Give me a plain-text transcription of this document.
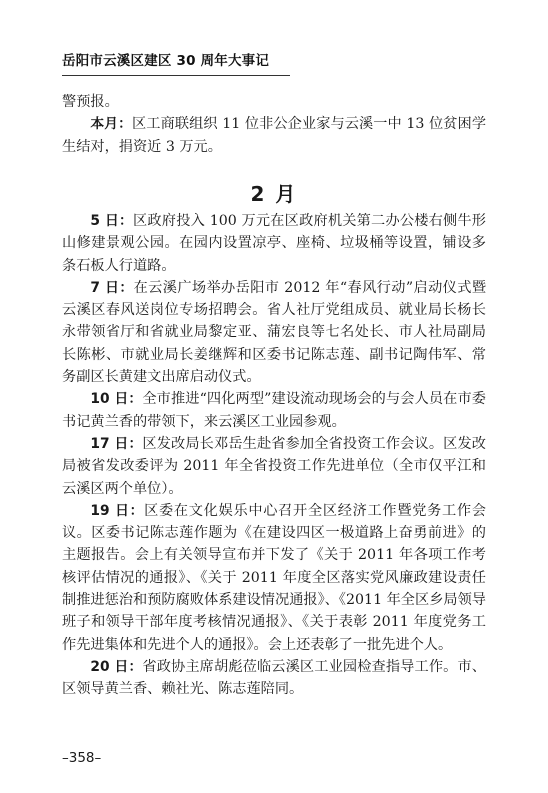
岳阳市云溪区建区 30 周年大事记

警预报。

本月：区工商联组织 11 位非公企业家与云溪一中 13 位贫困学生结对，捐资近 3 万元。

2 月

5 日：区政府投入 100 万元在区政府机关第二办公楼右侧牛形山修建景观公园。在园内设置凉亭、座椅、垃圾桶等设置，铺设多条石板人行道路。

7 日：在云溪广场举办岳阳市 2012 年“春风行动”启动仪式暨云溪区春风送岗位专场招聘会。省人社厅党组成员、就业局长杨长永带领省厅和省就业局黎定亚、蒲宏良等七名处长、市人社局副局长陈彬、市就业局长姜继辉和区委书记陈志莲、副书记陶伟军、常务副区长黄建文出席启动仪式。

10 日：全市推进“四化两型”建设流动现场会的与会人员在市委书记黄兰香的带领下，来云溪区工业园参观。

17 日：区发改局长邓岳生赴省参加全省投资工作会议。区发改局被省发改委评为 2011 年全省投资工作先进单位（全市仅平江和云溪区两个单位）。

19 日：区委在文化娱乐中心召开全区经济工作暨党务工作会议。区委书记陈志莲作题为《在建设四区一极道路上奋勇前进》的主题报告。会上有关领导宣布并下发了《关于 2011 年各项工作考核评估情况的通报》、《关于 2011 年度全区落实党风廉政建设责任制推进惩治和预防腐败体系建设情况通报》、《2011 年全区乡局领导班子和领导干部年度考核情况通报》、《关于表彰 2011 年度党务工作先进集体和先进个人的通报》。会上还表彰了一批先进个人。

20 日：省政协主席胡彪莅临云溪区工业园检查指导工作。市、区领导黄兰香、赖社光、陈志莲陪同。

–358–
